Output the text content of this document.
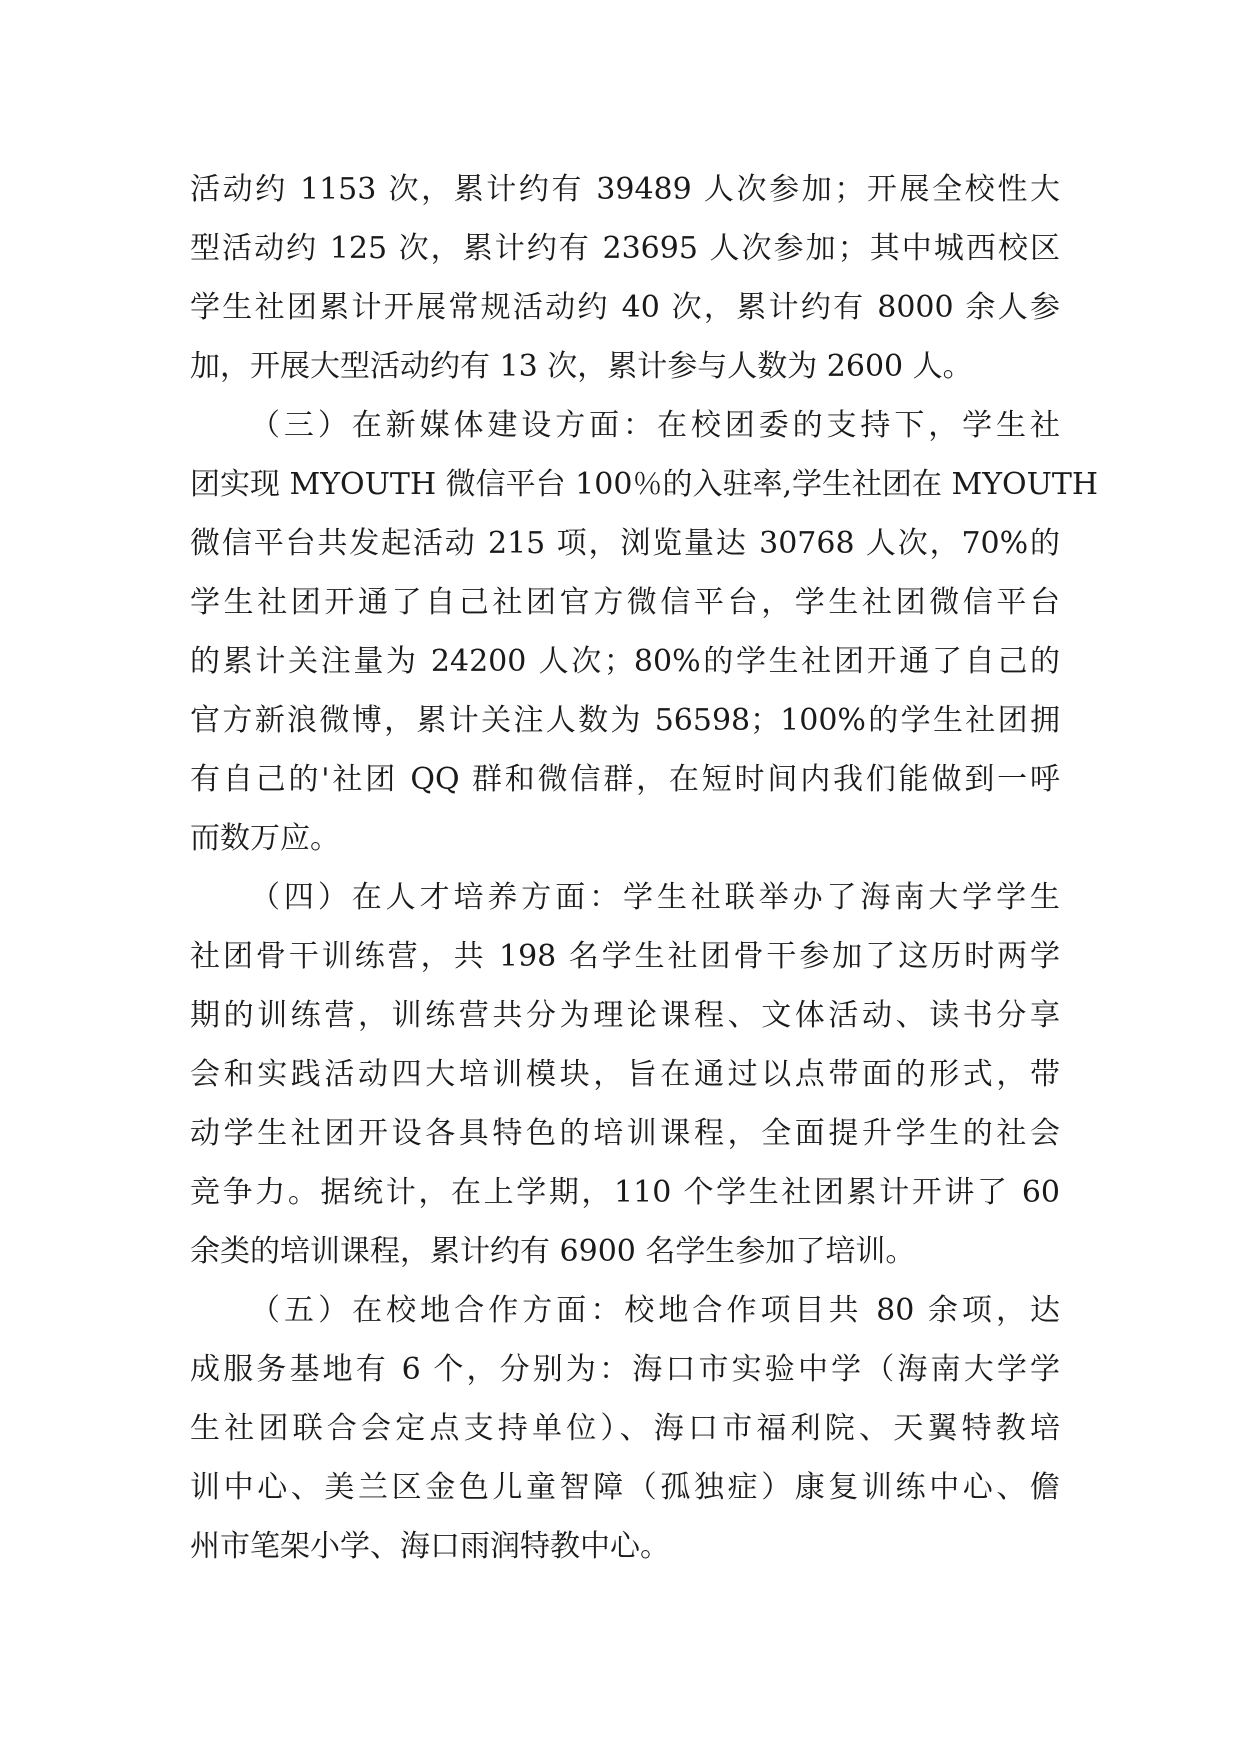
活动约 1153 次，累计约有 39489 人次参加；开展全校性大
型活动约 125 次，累计约有 23695 人次参加；其中城西校区
学生社团累计开展常规活动约 40 次，累计约有 8000 余人参
加，开展大型活动约有 13 次，累计参与人数为 2600 人。
（三）在新媒体建设方面：在校团委的支持下，学生社
团实现 MYOUTH 微信平台 100％的入驻率,学生社团在 MYOUTH
微信平台共发起活动 215 项，浏览量达 30768 人次，70%的
学生社团开通了自己社团官方微信平台，学生社团微信平台
的累计关注量为 24200 人次；80%的学生社团开通了自己的
官方新浪微博，累计关注人数为 56598；100%的学生社团拥
有自己的'社团 QQ 群和微信群，在短时间内我们能做到一呼
而数万应。
（四）在人才培养方面：学生社联举办了海南大学学生
社团骨干训练营，共 198 名学生社团骨干参加了这历时两学
期的训练营，训练营共分为理论课程、文体活动、读书分享
会和实践活动四大培训模块，旨在通过以点带面的形式，带
动学生社团开设各具特色的培训课程，全面提升学生的社会
竞争力。据统计，在上学期，110 个学生社团累计开讲了 60
余类的培训课程，累计约有 6900 名学生参加了培训。
（五）在校地合作方面：校地合作项目共 80 余项，达
成服务基地有 6 个，分别为：海口市实验中学（海南大学学
生社团联合会定点支持单位）、海口市福利院、天翼特教培
训中心、美兰区金色儿童智障（孤独症）康复训练中心、儋
州市笔架小学、海口雨润特教中心。
